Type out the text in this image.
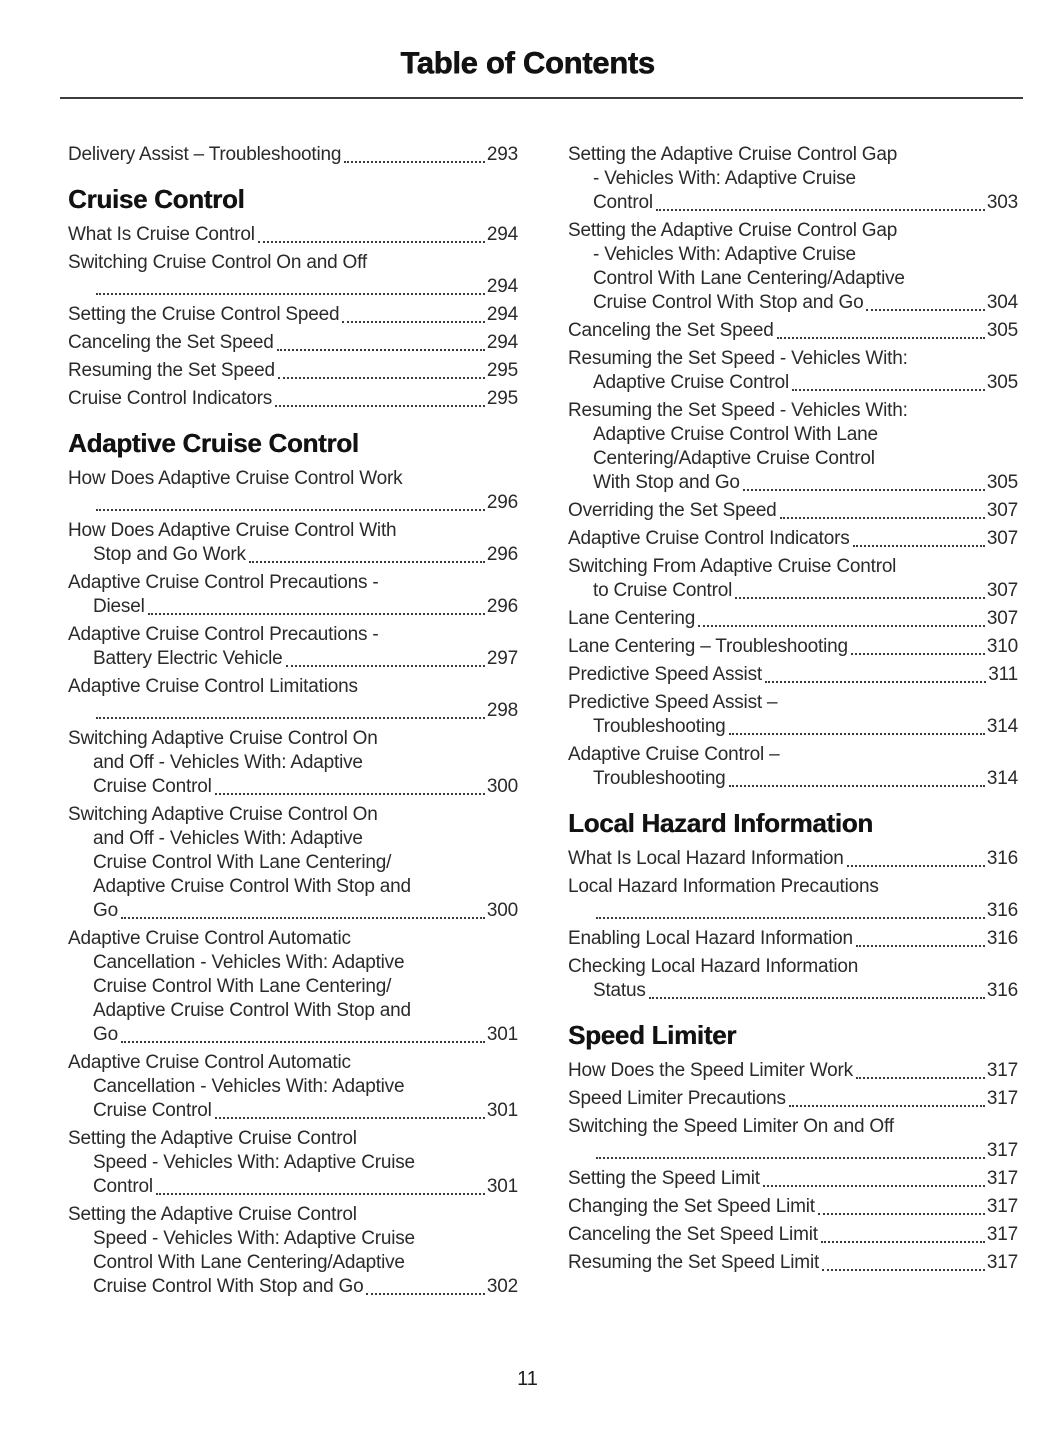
Table of Contents
Delivery Assist – Troubleshooting	293
Cruise Control
What Is Cruise Control	294
Switching Cruise Control On and Off
294
Setting the Cruise Control Speed	294
Canceling the Set Speed	294
Resuming the Set Speed	295
Cruise Control Indicators	295
Adaptive Cruise Control
How Does Adaptive Cruise Control Work
296
How Does Adaptive Cruise Control With
Stop and Go Work	296
Adaptive Cruise Control Precautions -
Diesel	296
Adaptive Cruise Control Precautions -
Battery Electric Vehicle	297
Adaptive Cruise Control Limitations
298
Switching Adaptive Cruise Control On
and Off - Vehicles With: Adaptive
Cruise Control	300
Switching Adaptive Cruise Control On
and Off - Vehicles With: Adaptive
Cruise Control With Lane Centering/
Adaptive Cruise Control With Stop and
Go	300
Adaptive Cruise Control Automatic
Cancellation - Vehicles With: Adaptive
Cruise Control With Lane Centering/
Adaptive Cruise Control With Stop and
Go	301
Adaptive Cruise Control Automatic
Cancellation - Vehicles With: Adaptive
Cruise Control	301
Setting the Adaptive Cruise Control
Speed - Vehicles With: Adaptive Cruise
Control	301
Setting the Adaptive Cruise Control
Speed - Vehicles With: Adaptive Cruise
Control With Lane Centering/Adaptive
Cruise Control With Stop and Go	302
Setting the Adaptive Cruise Control Gap
- Vehicles With: Adaptive Cruise
Control	303
Setting the Adaptive Cruise Control Gap
- Vehicles With: Adaptive Cruise
Control With Lane Centering/Adaptive
Cruise Control With Stop and Go	304
Canceling the Set Speed	305
Resuming the Set Speed - Vehicles With:
Adaptive Cruise Control	305
Resuming the Set Speed - Vehicles With:
Adaptive Cruise Control With Lane
Centering/Adaptive Cruise Control
With Stop and Go	305
Overriding the Set Speed	307
Adaptive Cruise Control Indicators	307
Switching From Adaptive Cruise Control
to Cruise Control	307
Lane Centering	307
Lane Centering – Troubleshooting	310
Predictive Speed Assist	311
Predictive Speed Assist –
Troubleshooting	314
Adaptive Cruise Control –
Troubleshooting	314
Local Hazard Information
What Is Local Hazard Information	316
Local Hazard Information Precautions
316
Enabling Local Hazard Information	316
Checking Local Hazard Information
Status	316
Speed Limiter
How Does the Speed Limiter Work	317
Speed Limiter Precautions	317
Switching the Speed Limiter On and Off
317
Setting the Speed Limit	317
Changing the Set Speed Limit	317
Canceling the Set Speed Limit	317
Resuming the Set Speed Limit	317
11
